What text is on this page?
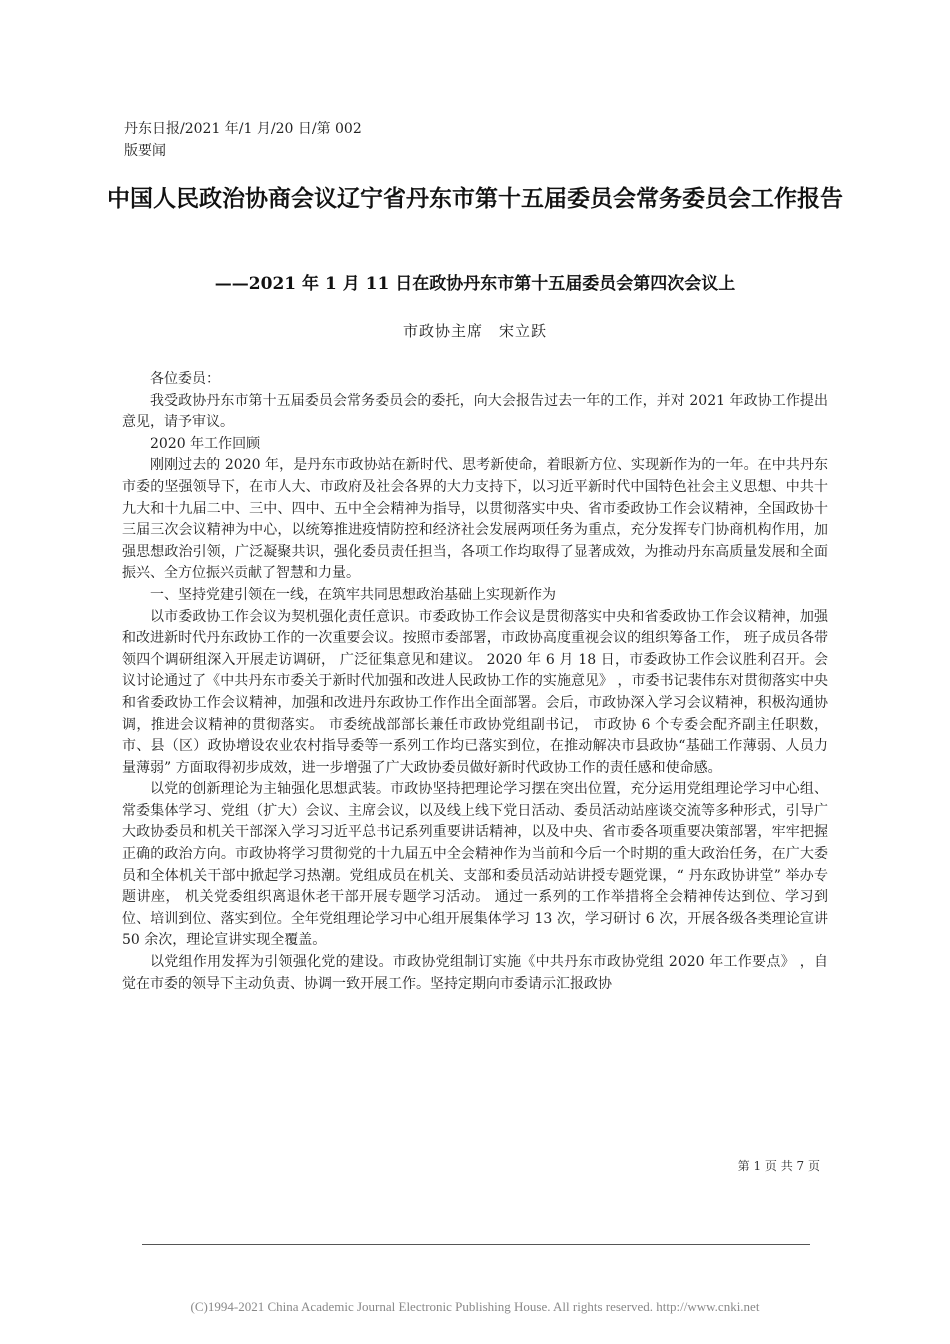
丹东日报/2021 年/1 月/20 日/第 002
版要闻
中国人民政治协商会议辽宁省丹东市第十五届委员会常务委员会工作报告
——2021 年 1 月 11 日在政协丹东市第十五届委员会第四次会议上
市政协主席　宋立跃

各位委员：

我受政协丹东市第十五届委员会常务委员会的委托，向大会报告过去一年的工作，并对 2021 年政协工作提出意见，请予审议。

2020 年工作回顾

刚刚过去的 2020 年，是丹东市政协站在新时代、思考新使命，着眼新方位、实现新作为的一年。在中共丹东市委的坚强领导下，在市人大、市政府及社会各界的大力支持下，以习近平新时代中国特色社会主义思想、中共十九大和十九届二中、三中、四中、五中全会精神为指导，以贯彻落实中央、省市委政协工作会议精神，全国政协十三届三次会议精神为中心，以统筹推进疫情防控和经济社会发展两项任务为重点，充分发挥专门协商机构作用，加强思想政治引领，广泛凝聚共识，强化委员责任担当，各项工作均取得了显著成效，为推动丹东高质量发展和全面振兴、全方位振兴贡献了智慧和力量。

一、坚持党建引领在一线，在筑牢共同思想政治基础上实现新作为

以市委政协工作会议为契机强化责任意识。市委政协工作会议是贯彻落实中央和省委政协工作会议精神，加强和改进新时代丹东政协工作的一次重要会议。按照市委部署，市政协高度重视会议的组织筹备工作， 班子成员各带领四个调研组深入开展走访调研， 广泛征集意见和建议。 2020 年 6 月 18 日，市委政协工作会议胜利召开。会议讨论通过了《中共丹东市委关于新时代加强和改进人民政协工作的实施意见》 ，市委书记裴伟东对贯彻落实中央和省委政协工作会议精神，加强和改进丹东政协工作作出全面部署。会后，市政协深入学习会议精神，积极沟通协调，推进会议精神的贯彻落实。 市委统战部部长兼任市政协党组副书记， 市政协 6 个专委会配齐副主任职数，市、县（区）政协增设农业农村指导委等一系列工作均已落实到位，在推动解决市县政协“基础工作薄弱、人员力量薄弱” 方面取得初步成效，进一步增强了广大政协委员做好新时代政协工作的责任感和使命感。

以党的创新理论为主轴强化思想武装。市政协坚持把理论学习摆在突出位置，充分运用党组理论学习中心组、常委集体学习、党组（扩大）会议、主席会议，以及线上线下党日活动、委员活动站座谈交流等多种形式，引导广大政协委员和机关干部深入学习习近平总书记系列重要讲话精神，以及中央、省市委各项重要决策部署，牢牢把握正确的政治方向。市政协将学习贯彻党的十九届五中全会精神作为当前和今后一个时期的重大政治任务，在广大委员和全体机关干部中掀起学习热潮。党组成员在机关、支部和委员活动站讲授专题党课，“ 丹东政协讲堂” 举办专题讲座， 机关党委组织离退休老干部开展专题学习活动。 通过一系列的工作举措将全会精神传达到位、学习到位、培训到位、落实到位。全年党组理论学习中心组开展集体学习 13 次，学习研讨 6 次，开展各级各类理论宣讲 50 余次，理论宣讲实现全覆盖。

以党组作用发挥为引领强化党的建设。市政协党组制订实施《中共丹东市政协党组 2020 年工作要点》 ，自觉在市委的领导下主动负责、协调一致开展工作。坚持定期向市委请示汇报政协

第 1 页 共 7 页
(C)1994-2021 China Academic Journal Electronic Publishing House. All rights reserved. http://www.cnki.net
